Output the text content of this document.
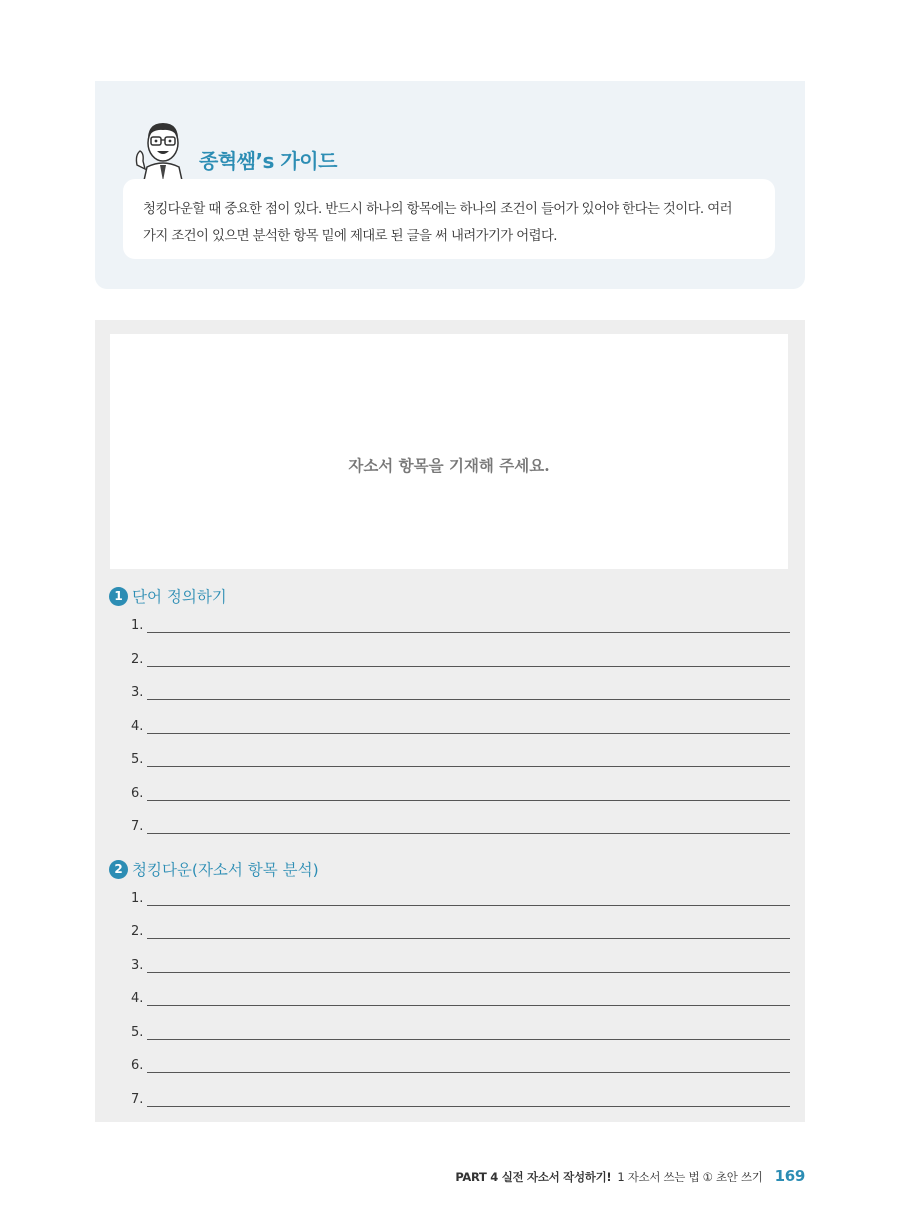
종혁쌤’s 가이드

청킹다운할 때 중요한 점이 있다. 반드시 하나의 항목에는 하나의 조건이 들어가 있어야 한다는 것이다. 여러

가지 조건이 있으면 분석한 항목 밑에 제대로 된 글을 써 내려가기가 어렵다.

자소서 항목을 기재해 주세요.
1 단어 정의하기
1.
2.
3.
4.
5.
6.
7.
2 청킹다운(자소서 항목 분석)
1.
2.
3.
4.
5.
6.
7.
PART 4 실전 자소서 작성하기! 1 자소서 쓰는 법 ① 초안 쓰기 169
